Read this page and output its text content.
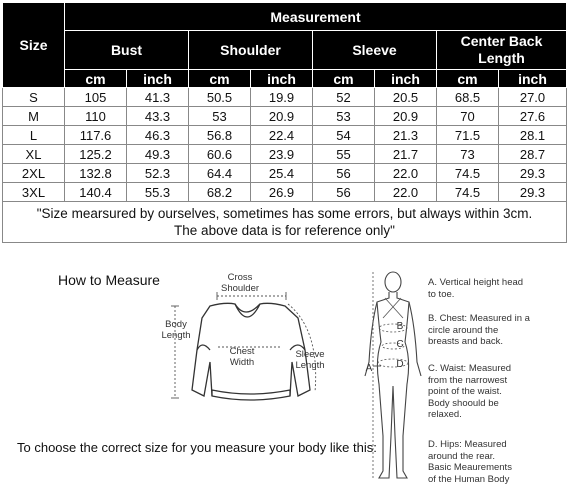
Size	Measurement							
	Bust		Shoulder		Sleeve		Center Back Length	
	cm	inch	cm	inch	cm	inch	cm	inch
S	105	41.3	50.5	19.9	52	20.5	68.5	27.0
M	110	43.3	53	20.9	53	20.9	70	27.6
L	117.6	46.3	56.8	22.4	54	21.3	71.5	28.1
XL	125.2	49.3	60.6	23.9	55	21.7	73	28.7
2XL	132.8	52.3	64.4	25.4	56	22.0	74.5	29.3
3XL	140.4	55.3	68.2	26.9	56	22.0	74.5	29.3

"Size mearsured by ourselves, sometimes has some errors, but always within 3cm.
The above data is for reference only"								
How to Measure	Cross
Shoulder
Body
Length
Chest
Width
Sleeve
Length
To choose the correct size for you measure your body like this:
A
B
C
D
A. Vertical height head
to toe.
B. Chest: Measured in a
circle around the
breasts and back.
C. Waist: Measured
from the narrowest
point of the waist.
Body shoould be
relaxed.
D. Hips: Measured
around the rear.
Basic Meaurements
of the Human Body
